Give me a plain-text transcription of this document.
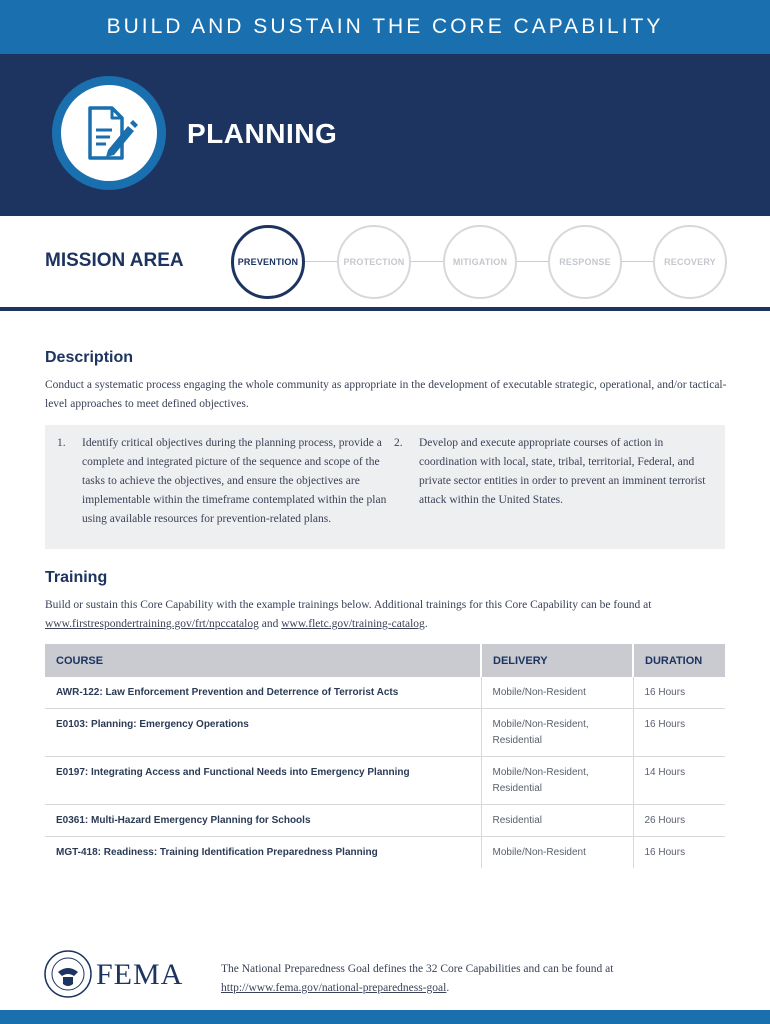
BUILD AND SUSTAIN THE CORE CAPABILITY
PLANNING
MISSION AREA	PREVENTION	PROTECTION	MITIGATION	RESPONSE	RECOVERY
Description
Conduct a systematic process engaging the whole community as appropriate in the development of executable strategic, operational, and/or tactical-level approaches to meet defined objectives.
1. Identify critical objectives during the planning process, provide a complete and integrated picture of the sequence and scope of the tasks to achieve the objectives, and ensure the objectives are implementable within the timeframe contemplated within the plan using available resources for prevention-related plans.
2. Develop and execute appropriate courses of action in coordination with local, state, tribal, territorial, Federal, and private sector entities in order to prevent an imminent terrorist attack within the United States.
Training
Build or sustain this Core Capability with the example trainings below. Additional trainings for this Core Capability can be found at www.firstrespondertraining.gov/frt/npccatalog and www.fletc.gov/training-catalog.
COURSE	DELIVERY	DURATION
AWR-122: Law Enforcement Prevention and Deterrence of Terrorist Acts	Mobile/Non-Resident	16 Hours
E0103: Planning: Emergency Operations	Mobile/Non-Resident, Residential	16 Hours
E0197: Integrating Access and Functional Needs into Emergency Planning	Mobile/Non-Resident, Residential	14 Hours
E0361: Multi-Hazard Emergency Planning for Schools	Residential	26 Hours
MGT-418: Readiness: Training Identification Preparedness Planning	Mobile/Non-Resident	16 Hours
FEMA	The National Preparedness Goal defines the 32 Core Capabilities and can be found at
http://www.fema.gov/national-preparedness-goal.
